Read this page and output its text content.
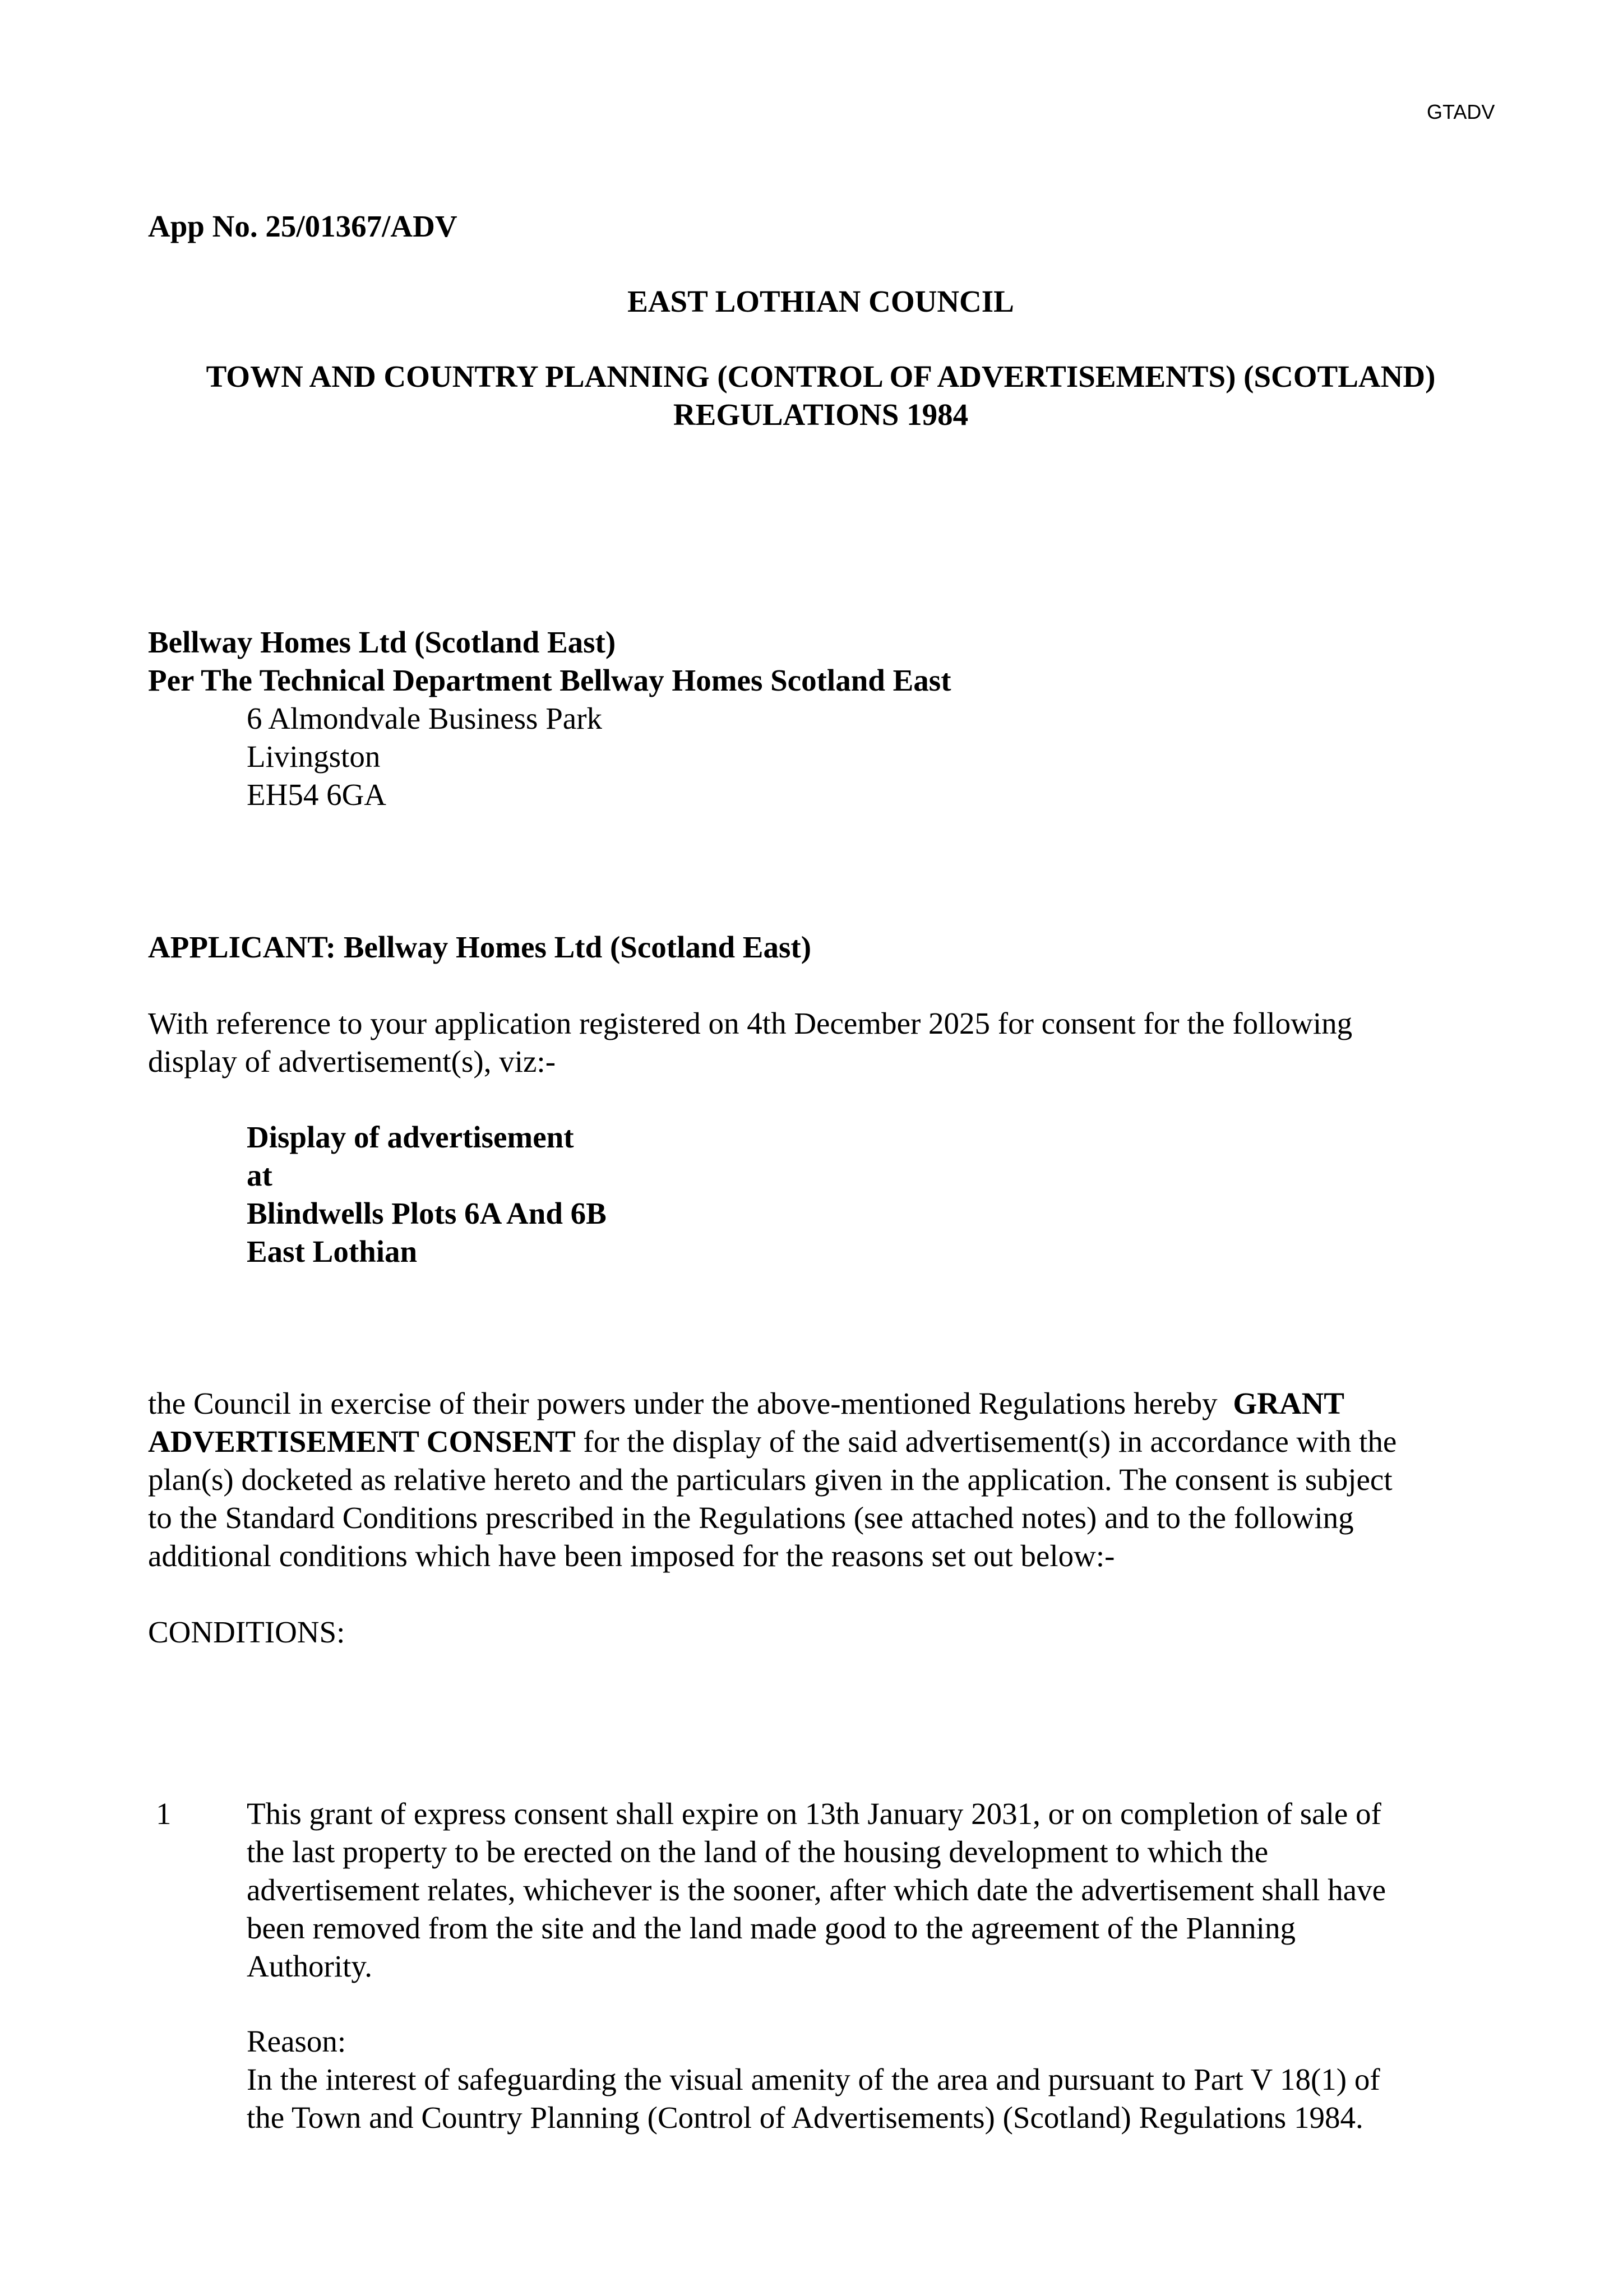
GTADV

App No. 25/01367/ADV

EAST LOTHIAN COUNCIL

TOWN AND COUNTRY PLANNING (CONTROL OF ADVERTISEMENTS) (SCOTLAND)
REGULATIONS 1984
Bellway Homes Ltd (Scotland East)
Per The Technical Department Bellway Homes Scotland East
6 Almondvale Business Park
Livingston
EH54 6GA

APPLICANT: Bellway Homes Ltd (Scotland East)

With reference to your application registered on 4th December 2025 for consent for the following
display of advertisement(s), viz:-
Display of advertisement
at
Blindwells Plots 6A And 6B
East Lothian
the Council in exercise of their powers under the above-mentioned Regulations hereby GRANT
ADVERTISEMENT CONSENT for the display of the said advertisement(s) in accordance with the
plan(s) docketed as relative hereto and the particulars given in the application. The consent is subject
to the Standard Conditions prescribed in the Regulations (see attached notes) and to the following
additional conditions which have been imposed for the reasons set out below:-

CONDITIONS:

1 This grant of express consent shall expire on 13th January 2031, or on completion of sale of
the last property to be erected on the land of the housing development to which the
advertisement relates, whichever is the sooner, after which date the advertisement shall have
been removed from the site and the land made good to the agreement of the Planning
Authority.
Reason:
In the interest of safeguarding the visual amenity of the area and pursuant to Part V 18(1) of
the Town and Country Planning (Control of Advertisements) (Scotland) Regulations 1984.
